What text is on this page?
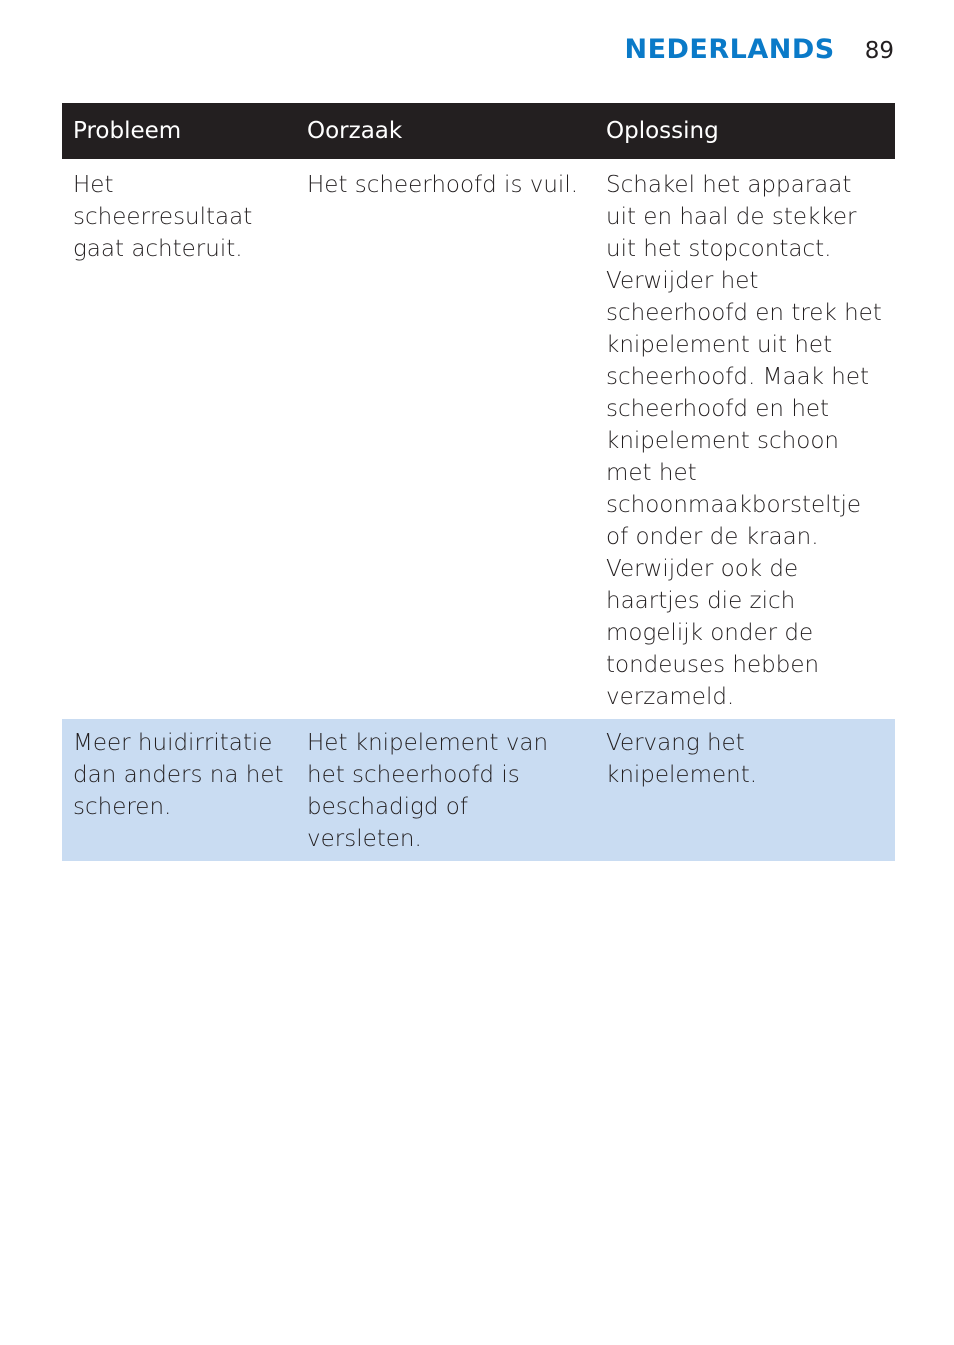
NEDERLANDS 89
Probleem	Oorzaak	Oplossing
Het scheerresultaat gaat achteruit.	Het scheerhoofd is vuil.	Schakel het apparaat uit en haal de stekker uit het stopcontact. Verwijder het scheerhoofd en trek het knipelement uit het scheerhoofd. Maak het scheerhoofd en het knipelement schoon met het schoonmaakborsteltje of onder de kraan. Verwijder ook de haartjes die zich mogelijk onder de tondeuses hebben verzameld.
Meer huidirritatie dan anders na het scheren.	Het knipelement van het scheerhoofd is beschadigd of versleten.	Vervang het knipelement.
